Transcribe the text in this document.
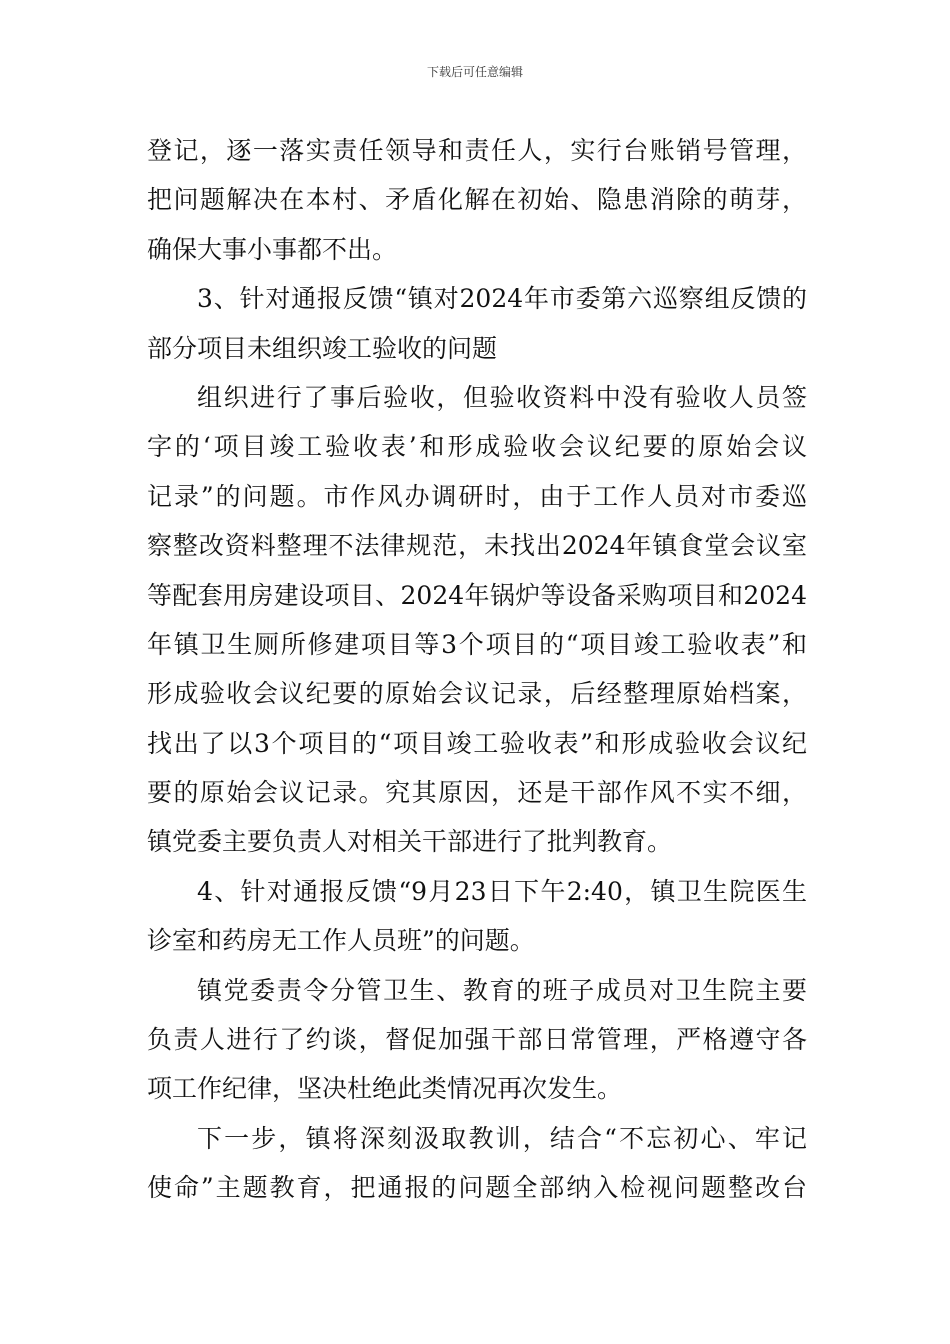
下载后可任意编辑
登记，逐一落实责任领导和责任人，实行台账销号管理，
把问题解决在本村、矛盾化解在初始、隐患消除的萌芽，
确保大事小事都不出。
3、针对通报反馈“镇对2024年市委第六巡察组反馈的
部分项目未组织竣工验收的问题
组织进行了事后验收，但验收资料中没有验收人员签
字的‘项目竣工验收表’和形成验收会议纪要的原始会议
记录”的问题。市作风办调研时，由于工作人员对市委巡
察整改资料整理不法律规范，未找出2024年镇食堂会议室
等配套用房建设项目、2024年锅炉等设备采购项目和2024
年镇卫生厕所修建项目等3个项目的“项目竣工验收表”和
形成验收会议纪要的原始会议记录，后经整理原始档案，
找出了以3个项目的“项目竣工验收表”和形成验收会议纪
要的原始会议记录。究其原因，还是干部作风不实不细，
镇党委主要负责人对相关干部进行了批判教育。
4、针对通报反馈“9月23日下午2:40，镇卫生院医生
诊室和药房无工作人员班”的问题。
镇党委责令分管卫生、教育的班子成员对卫生院主要
负责人进行了约谈，督促加强干部日常管理，严格遵守各
项工作纪律，坚决杜绝此类情况再次发生。
下一步，镇将深刻汲取教训，结合“不忘初心、牢记
使命”主题教育，把通报的问题全部纳入检视问题整改台
